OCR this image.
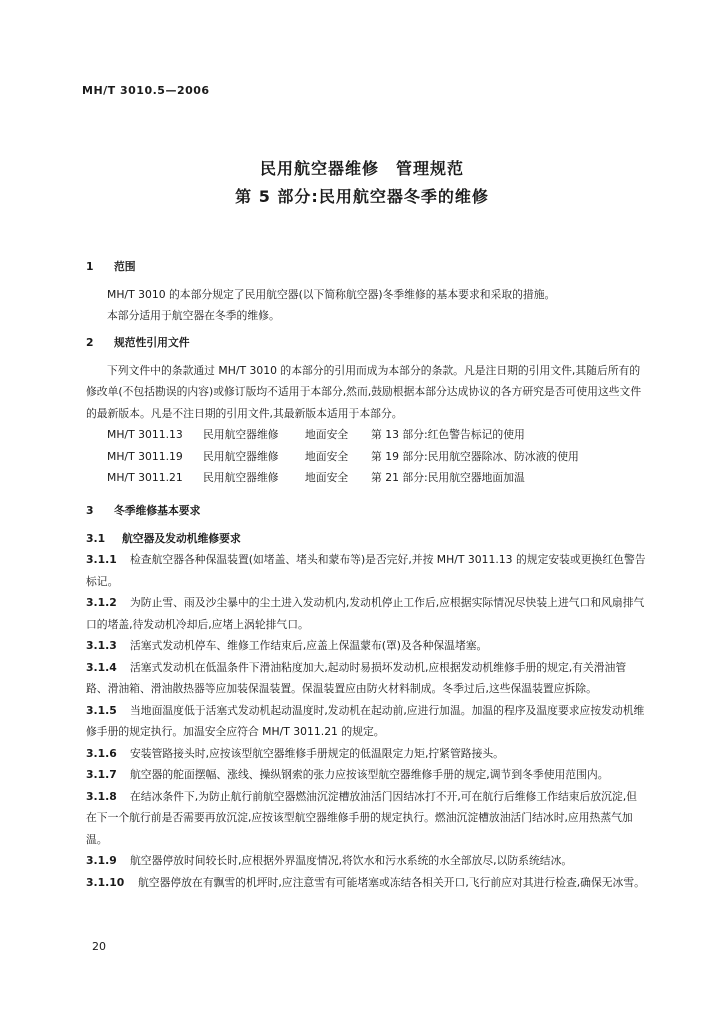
MH/T 3010.5—2006
民用航空器维修　管理规范
第 5 部分:民用航空器冬季的维修
1 范围
MH/T 3010 的本部分规定了民用航空器(以下简称航空器)冬季维修的基本要求和采取的措施。
本部分适用于航空器在冬季的维修。
2 规范性引用文件
下列文件中的条款通过 MH/T 3010 的本部分的引用而成为本部分的条款。凡是注日期的引用文件,其随后所有的修改单(不包括勘误的内容)或修订版均不适用于本部分,然而,鼓励根据本部分达成协议的各方研究是否可使用这些文件的最新版本。凡是不注日期的引用文件,其最新版本适用于本部分。
MH/T 3011.13 民用航空器维修 地面安全 第 13 部分:红色警告标记的使用
MH/T 3011.19 民用航空器维修 地面安全 第 19 部分:民用航空器除冰、防冰液的使用
MH/T 3011.21 民用航空器维修 地面安全 第 21 部分:民用航空器地面加温
3 冬季维修基本要求
3.1 航空器及发动机维修要求
3.1.1 检查航空器各种保温装置(如堵盖、堵头和蒙布等)是否完好,并按 MH/T 3011.13 的规定安装或更换红色警告标记。
3.1.2 为防止雪、雨及沙尘暴中的尘土进入发动机内,发动机停止工作后,应根据实际情况尽快装上进气口和风扇排气口的堵盖,待发动机冷却后,应堵上涡轮排气口。
3.1.3 活塞式发动机停车、维修工作结束后,应盖上保温蒙布(罩)及各种保温堵塞。
3.1.4 活塞式发动机在低温条件下滑油粘度加大,起动时易损坏发动机,应根据发动机维修手册的规定,有关滑油管路、滑油箱、滑油散热器等应加装保温装置。保温装置应由防火材料制成。冬季过后,这些保温装置应拆除。
3.1.5 当地面温度低于活塞式发动机起动温度时,发动机在起动前,应进行加温。加温的程序及温度要求应按发动机维修手册的规定执行。加温安全应符合 MH/T 3011.21 的规定。
3.1.6 安装管路接头时,应按该型航空器维修手册规定的低温限定力矩,拧紧管路接头。
3.1.7 航空器的舵面摆幅、涨线、操纵钢索的张力应按该型航空器维修手册的规定,调节到冬季使用范围内。
3.1.8 在结冰条件下,为防止航行前航空器燃油沉淀槽放油活门因结冰打不开,可在航行后维修工作结束后放沉淀,但在下一个航行前是否需要再放沉淀,应按该型航空器维修手册的规定执行。燃油沉淀槽放油活门结冰时,应用热蒸气加温。
3.1.9 航空器停放时间较长时,应根据外界温度情况,将饮水和污水系统的水全部放尽,以防系统结冰。
3.1.10 航空器停放在有飘雪的机坪时,应注意雪有可能堵塞或冻结各相关开口,飞行前应对其进行检查,确保无冰雪。
20
